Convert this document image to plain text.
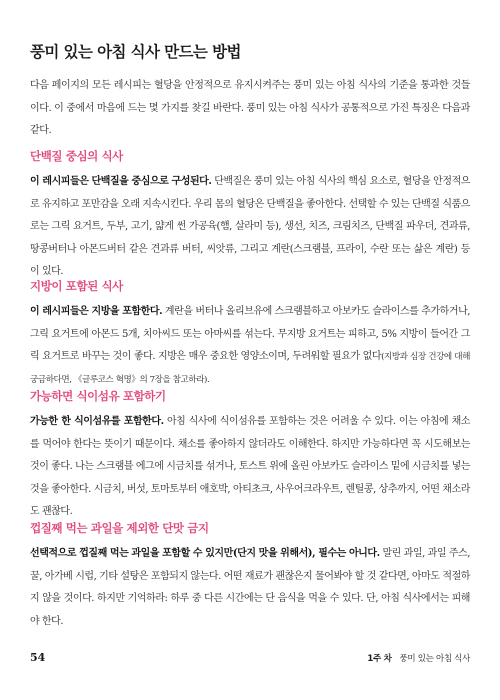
풍미 있는 아침 식사 만드는 방법

다음 페이지의 모든 레시피는 혈당을 안정적으로 유지시켜주는 풍미 있는 아침 식사의 기준을 통과한 것들이다. 이 중에서 마음에 드는 몇 가지를 찾길 바란다. 풍미 있는 아침 식사가 공통적으로 가진 특징은 다음과 같다.

단백질 중심의 식사

이 레시피들은 단백질을 중심으로 구성된다. 단백질은 풍미 있는 아침 식사의 핵심 요소로, 혈당을 안정적으로 유지하고 포만감을 오래 지속시킨다. 우리 몸의 혈당은 단백질을 좋아한다. 선택할 수 있는 단백질 식품으로는 그릭 요거트, 두부, 고기, 얇게 썬 가공육(햄, 살라미 등), 생선, 치즈, 크림치즈, 단백질 파우더, 견과류, 땅콩버터나 아몬드버터 같은 견과류 버터, 씨앗류, 그리고 계란(스크램블, 프라이, 수란 또는 삶은 계란) 등이 있다.

지방이 포함된 식사

이 레시피들은 지방을 포함한다. 계란을 버터나 올리브유에 스크램블하고 아보카도 슬라이스를 추가하거나, 그릭 요거트에 아몬드 5개, 치아씨드 또는 아마씨를 섞는다. 무지방 요거트는 피하고, 5% 지방이 들어간 그릭 요거트로 바꾸는 것이 좋다. 지방은 매우 중요한 영양소이며, 두려워할 필요가 없다(지방과 심장 건강에 대해 궁금하다면, 《글루코스 혁명》의 7장을 참고하라).

가능하면 식이섬유 포함하기

가능한 한 식이섬유를 포함한다. 아침 식사에 식이섬유를 포함하는 것은 어려울 수 있다. 이는 아침에 채소를 먹어야 한다는 뜻이기 때문이다. 채소를 좋아하지 않더라도 이해한다. 하지만 가능하다면 꼭 시도해보는 것이 좋다. 나는 스크램블 에그에 시금치를 섞거나, 토스트 위에 올린 아보카도 슬라이스 밑에 시금치를 넣는 것을 좋아한다. 시금치, 버섯, 토마토부터 애호박, 아티초크, 사우어크라우트, 렌틸콩, 상추까지, 어떤 채소라도 괜찮다.

껍질째 먹는 과일을 제외한 단맛 금지

선택적으로 껍질째 먹는 과일을 포함할 수 있지만(단지 맛을 위해서), 필수는 아니다. 말린 과일, 과일 주스, 꿀, 아가베 시럽, 기타 설탕은 포함되지 않는다. 어떤 재료가 괜찮은지 물어봐야 할 것 같다면, 아마도 적절하지 않을 것이다. 하지만 기억하라: 하루 중 다른 시간에는 단 음식을 먹을 수 있다. 단, 아침 식사에서는 피해야 한다.

54	1주 차 풍미 있는 아침 식사
